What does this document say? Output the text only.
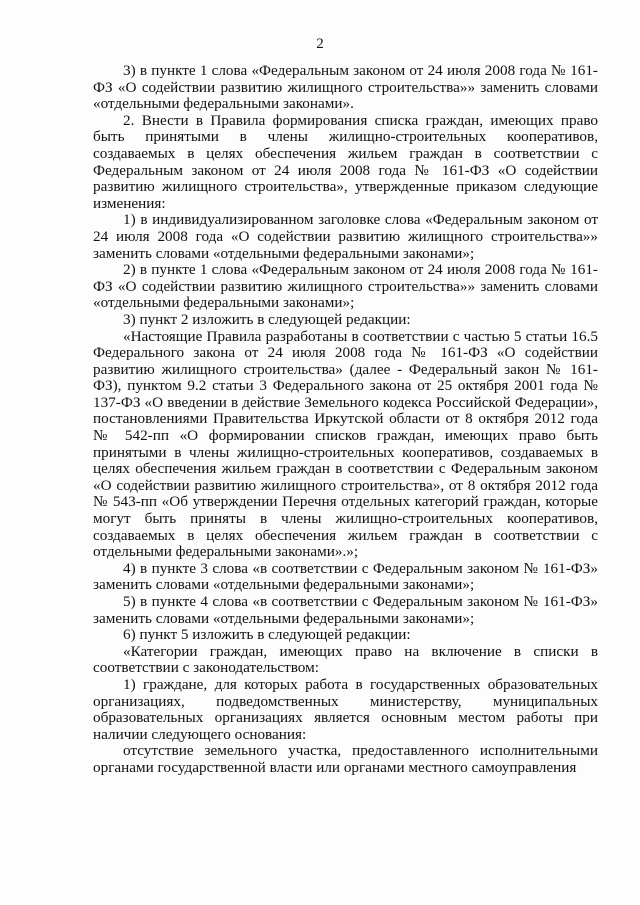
2

3) в пункте 1 слова «Федеральным законом от 24 июля 2008 года № 161-ФЗ «О содействии развитию жилищного строительства»» заменить словами «отдельными федеральными законами».

2. Внести в Правила формирования списка граждан, имеющих право быть принятыми в члены жилищно-строительных кооперативов, создаваемых в целях обеспечения жильем граждан в соответствии с Федеральным законом от 24 июля 2008 года № 161-ФЗ «О содействии развитию жилищного строительства», утвержденные приказом следующие изменения:

1) в индивидуализированном заголовке слова «Федеральным законом от 24 июля 2008 года «О содействии развитию жилищного строительства»» заменить словами «отдельными федеральными законами»;

2) в пункте 1 слова «Федеральным законом от 24 июля 2008 года № 161-ФЗ «О содействии развитию жилищного строительства»» заменить словами «отдельными федеральными законами»;

3) пункт 2 изложить в следующей редакции:

«Настоящие Правила разработаны в соответствии с частью 5 статьи 16.5 Федерального закона от 24 июля 2008 года № 161-ФЗ «О содействии развитию жилищного строительства» (далее - Федеральный закон № 161-ФЗ), пунктом 9.2 статьи 3 Федерального закона от 25 октября 2001 года № 137-ФЗ «О введении в действие Земельного кодекса Российской Федерации», постановлениями Правительства Иркутской области от 8 октября 2012 года № 542-пп «О формировании списков граждан, имеющих право быть принятыми в члены жилищно-строительных кооперативов, создаваемых в целях обеспечения жильем граждан в соответствии с Федеральным законом «О содействии развитию жилищного строительства», от 8 октября 2012 года № 543-пп «Об утверждении Перечня отдельных категорий граждан, которые могут быть приняты в члены жилищно-строительных кооперативов, создаваемых в целях обеспечения жильем граждан в соответствии с отдельными федеральными законами».»;

4) в пункте 3 слова «в соответствии с Федеральным законом № 161-ФЗ» заменить словами «отдельными федеральными законами»;

5) в пункте 4 слова «в соответствии с Федеральным законом № 161-ФЗ» заменить словами «отдельными федеральными законами»;

6) пункт 5 изложить в следующей редакции:

«Категории граждан, имеющих право на включение в списки в соответствии с законодательством:

1) граждане, для которых работа в государственных образовательных организациях, подведомственных министерству, муниципальных образовательных организациях является основным местом работы при наличии следующего основания:

отсутствие земельного участка, предоставленного исполнительными органами государственной власти или органами местного самоуправления
